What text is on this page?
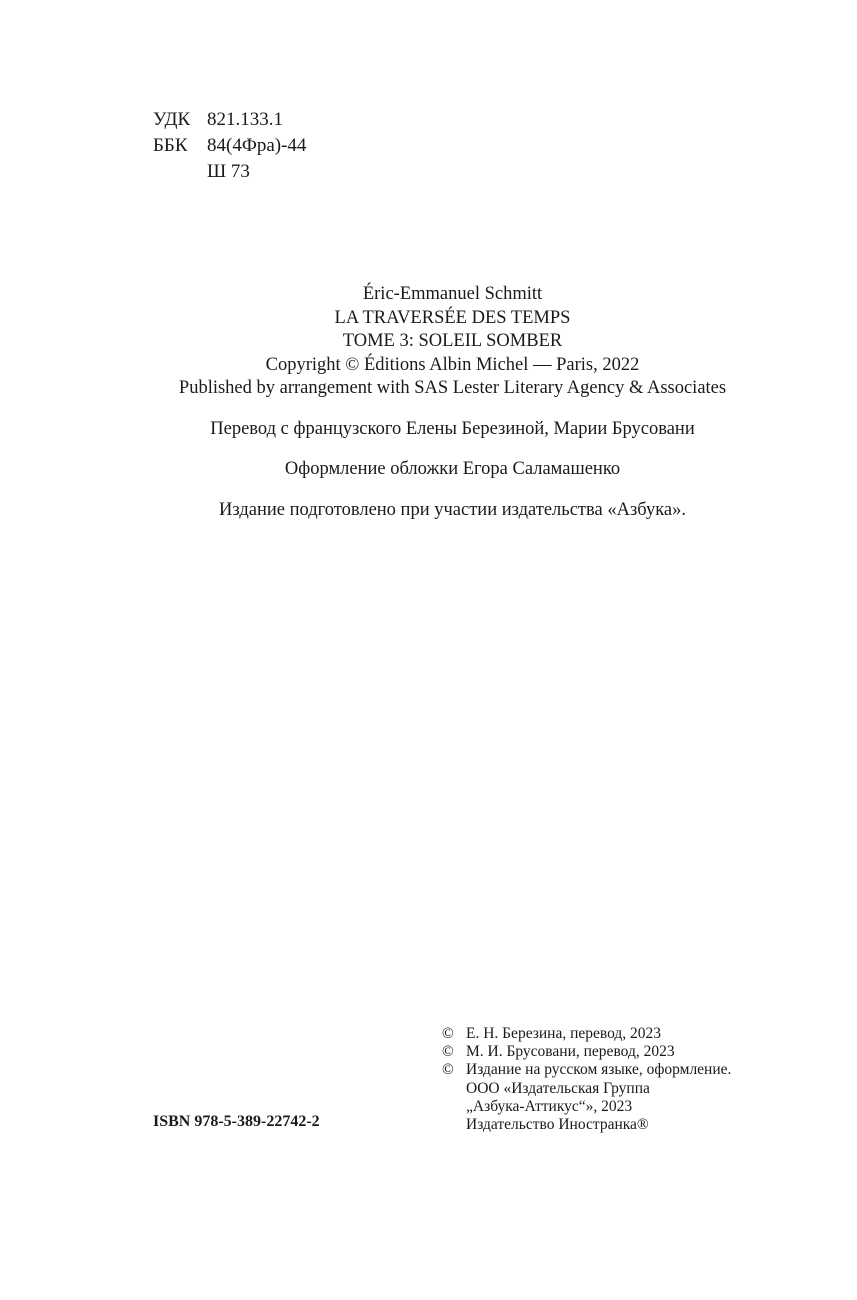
УДК 821.133.1
ББК	84(4Фра)-44
Ш 73
Éric-Emmanuel Schmitt
LA TRAVERSÉE DES TEMPS
TOME 3: SOLEIL SOMBER
Copyright © Éditions Albin Michel — Paris, 2022
Published by arrangement with SAS Lester Literary Agency & Associates
Перевод с французского Елены Березиной, Марии Брусовани
Оформление обложки Егора Саламашенко
Издание подготовлено при участии издательства «Азбука».
ISBN 978-5-389-22742-2
© Е. Н. Березина, перевод, 2023
© М. И. Брусовани, перевод, 2023
© Издание на русском языке, оформление.
ООО «Издательская Группа
„Азбука-Аттикус“», 2023
Издательство Иностранка®
